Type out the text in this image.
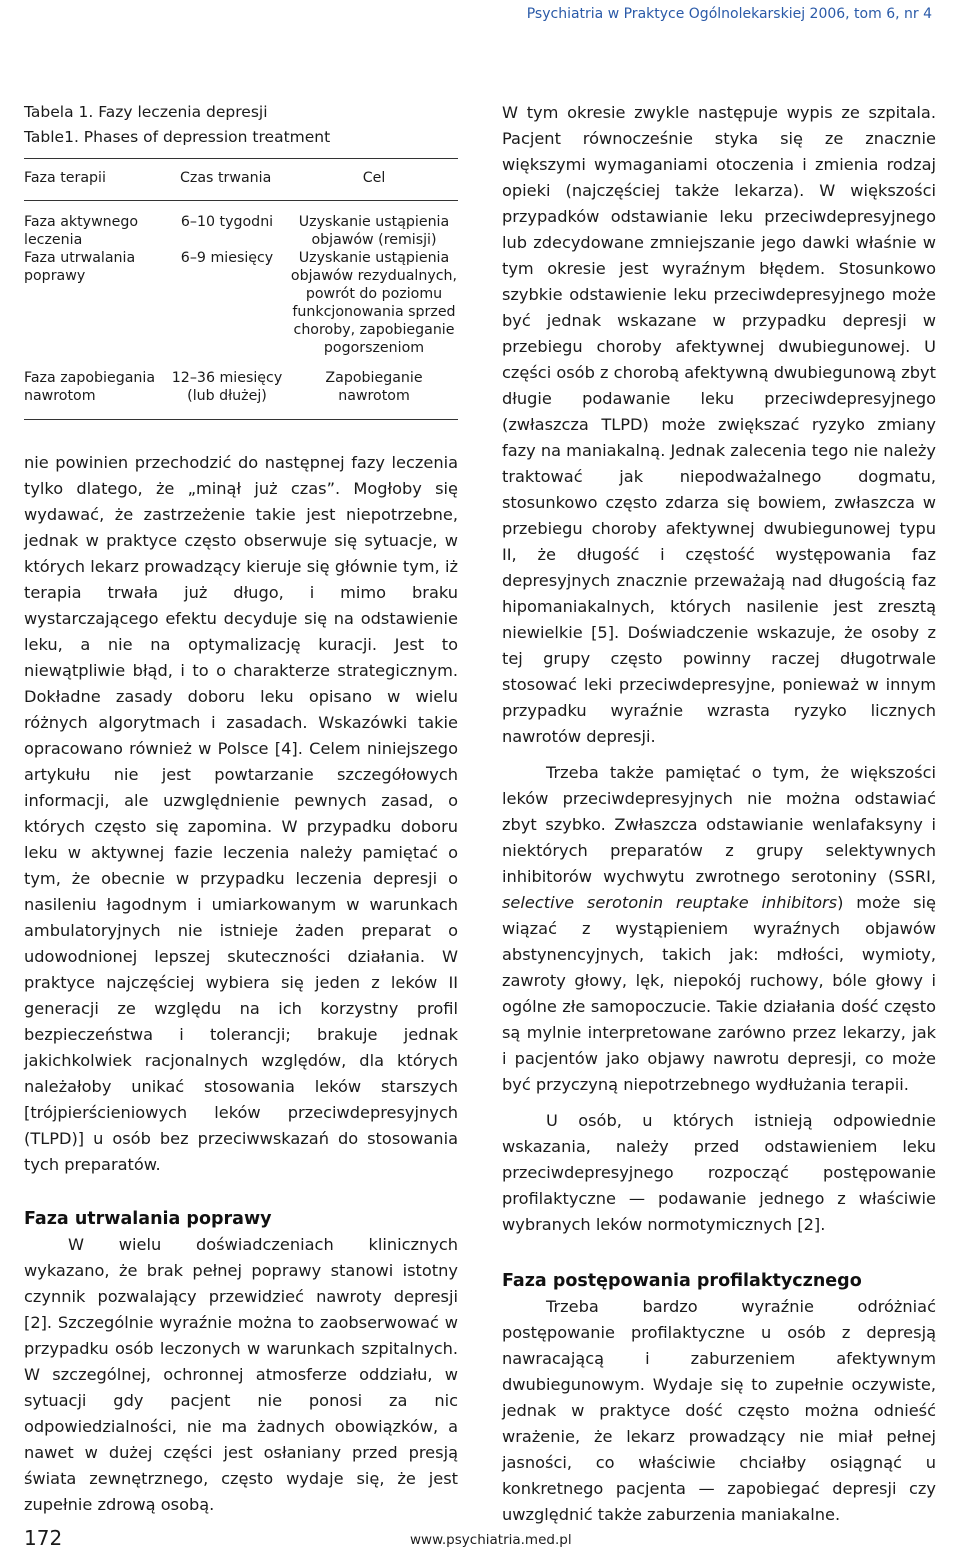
Psychiatria w Praktyce Ogólnolekarskiej 2006, tom 6, nr 4
Tabela 1. Fazy leczenia depresji
Table1. Phases of depression treatment
Faza terapii	Czas trwania	Cel
Faza aktywnego leczenia	6–10 tygodni	Uzyskanie ustąpienia objawów (remisji)
Faza utrwalania poprawy	6–9 miesięcy	Uzyskanie ustąpienia objawów rezydualnych, powrót do poziomu funkcjonowania sprzed choroby, zapobieganie pogorszeniom
Faza zapobiegania nawrotom	12–36 miesięcy (lub dłużej)	Zapobieganie nawrotom

nie powinien przechodzić do następnej fazy leczenia tylko dlatego, że „minął już czas”. Mogłoby się wydawać, że zastrzeżenie takie jest niepotrzebne, jednak w praktyce często obserwuje się sytuacje, w których lekarz prowadzący kieruje się głównie tym, iż terapia trwała już długo, i mimo braku wystarczającego efektu decyduje się na odstawienie leku, a nie na optymalizację kuracji. Jest to niewątpliwie błąd, i to o charakterze strategicznym. Dokładne zasady doboru leku opisano w wielu różnych algorytmach i zasadach. Wskazówki takie opracowano również w Polsce [4]. Celem niniejszego artykułu nie jest powtarzanie szczegółowych informacji, ale uzwględnienie pewnych zasad, o których często się zapomina. W przypadku doboru leku w aktywnej fazie leczenia należy pamiętać o tym, że obecnie w przypadku leczenia depresji o nasileniu łagodnym i umiarkowanym w warunkach ambulatoryjnych nie istnieje żaden preparat o udowodnionej lepszej skuteczności działania. W praktyce najczęściej wybiera się jeden z leków II generacji ze względu na ich korzystny profil bezpieczeństwa i tolerancji; brakuje jednak jakichkolwiek racjonalnych względów, dla których należałoby unikać stosowania leków starszych [trójpierścieniowych leków przeciwdepresyjnych (TLPD)] u osób bez przeciwwskazań do stosowania tych preparatów.

Faza utrwalania poprawy

W wielu doświadczeniach klinicznych wykazano, że brak pełnej poprawy stanowi istotny czynnik pozwalający przewidzieć nawroty depresji [2]. Szczególnie wyraźnie można to zaobserwować w przypadku osób leczonych w warunkach szpitalnych. W szczególnej, ochronnej atmosferze oddziału, w sytuacji gdy pacjent nie ponosi za nic odpowiedzialności, nie ma żadnych obowiązków, a nawet w dużej części jest osłaniany przed presją świata zewnętrznego, często wydaje się, że jest zupełnie zdrową osobą.

W tym okresie zwykle następuje wypis ze szpitala. Pacjent równocześnie styka się ze znacznie większymi wymaganiami otoczenia i zmienia rodzaj opieki (najczęściej także lekarza). W większości przypadków odstawianie leku przeciwdepresyjnego lub zdecydowane zmniejszanie jego dawki właśnie w tym okresie jest wyraźnym błędem. Stosunkowo szybkie odstawienie leku przeciwdepresyjnego może być jednak wskazane w przypadku depresji w przebiegu choroby afektywnej dwubiegunowej. U części osób z chorobą afektywną dwubiegunową zbyt długie podawanie leku przeciwdepresyjnego (zwłaszcza TLPD) może zwiększać ryzyko zmiany fazy na maniakalną. Jednak zalecenia tego nie należy traktować jak niepodważalnego dogmatu, stosunkowo często zdarza się bowiem, zwłaszcza w przebiegu choroby afektywnej dwubiegunowej typu II, że długość i częstość występowania faz depresyjnych znacznie przeważają nad długością faz hipomaniakalnych, których nasilenie jest zresztą niewielkie [5]. Doświadczenie wskazuje, że osoby z tej grupy często powinny raczej długotrwale stosować leki przeciwdepresyjne, ponieważ w innym przypadku wyraźnie wzrasta ryzyko licznych nawrotów depresji.

Trzeba także pamiętać o tym, że większości leków przeciwdepresyjnych nie można odstawiać zbyt szybko. Zwłaszcza odstawianie wenlafaksyny i niektórych preparatów z grupy selektywnych inhibitorów wychwytu zwrotnego serotoniny (SSRI, selective serotonin reuptake inhibitors) może się wiązać z wystąpieniem wyraźnych objawów abstynencyjnych, takich jak: mdłości, wymioty, zawroty głowy, lęk, niepokój ruchowy, bóle głowy i ogólne złe samopoczucie. Takie działania dość często są mylnie interpretowane zarówno przez lekarzy, jak i pacjentów jako objawy nawrotu depresji, co może być przyczyną niepotrzebnego wydłużania terapii.

U osób, u których istnieją odpowiednie wskazania, należy przed odstawieniem leku przeciwdepresyjnego rozpocząć postępowanie profilaktyczne — podawanie jednego z właściwie wybranych leków normotymicznych [2].

Faza postępowania profilaktycznego

Trzeba bardzo wyraźnie odróżniać postępowanie profilaktyczne u osób z depresją nawracającą i zaburzeniem afektywnym dwubiegunowym. Wydaje się to zupełnie oczywiste, jednak w praktyce dość często można odnieść wrażenie, że lekarz prowadzący nie miał pełnej jasności, co właściwie chciałby osiągnąć u konkretnego pacjenta — zapobiegać depresji czy uwzględnić także zaburzenia maniakalne.

172	www.psychiatria.med.pl
